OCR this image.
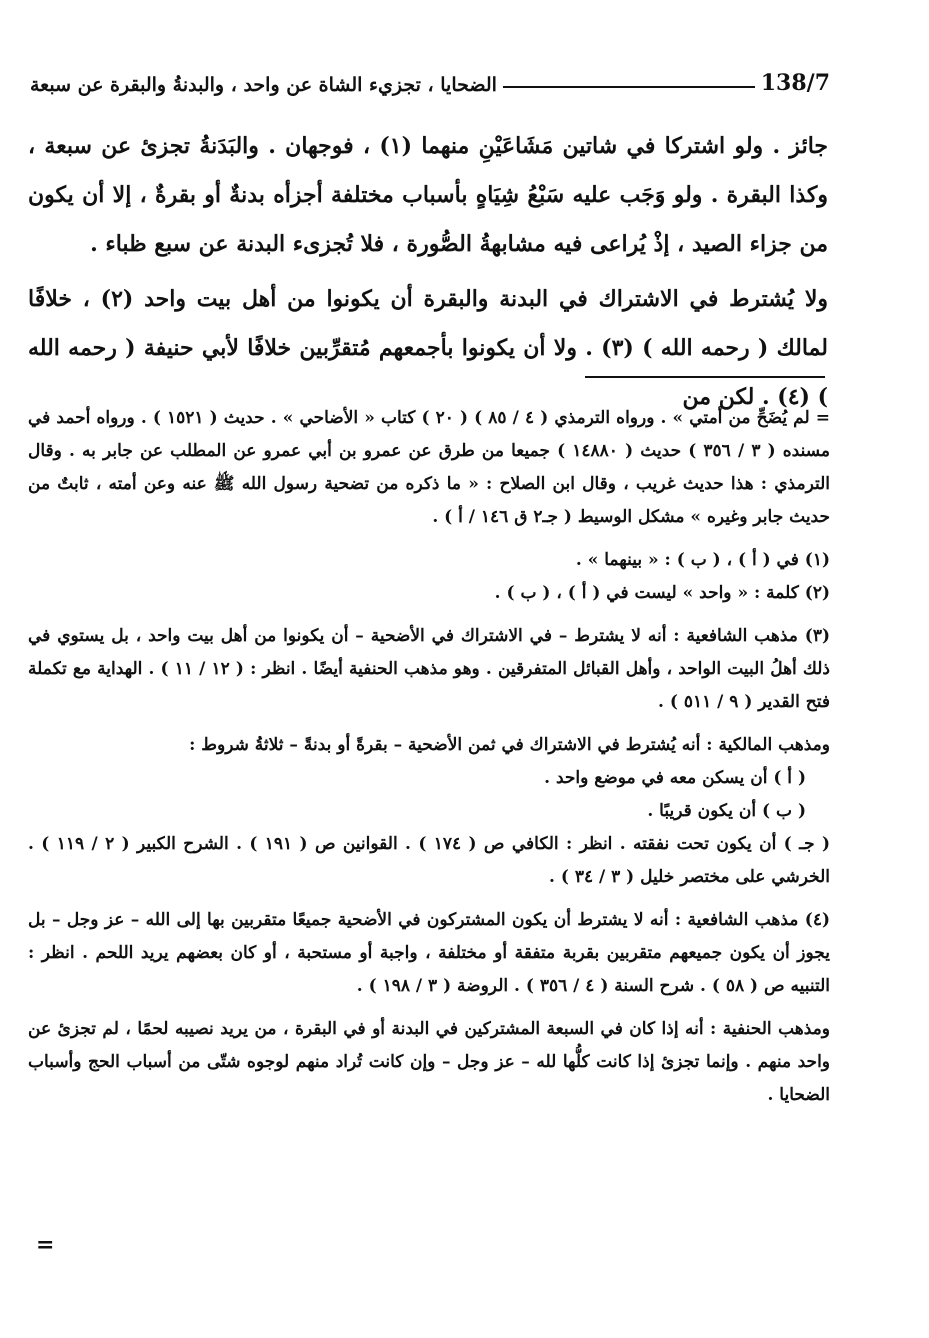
138/7
الضحايا ، تجزيء الشاة عن واحد ، والبدنةُ والبقرة عن سبعة

جائز . ولو اشتركا في شاتين مَشَاعَيْنِ منهما (١) ، فوجهان . والبَدَنةُ تجزئ عن سبعة ، وكذا البقرة . ولو وَجَب عليه سَبْعُ شِيَاهٍ بأسباب مختلفة أجزأه بدنةٌ أو بقرةٌ ، إلا أن يكون من جزاء الصيد ، إذْ يُراعى فيه مشابهةُ الصُّورة ، فلا تُجزىء البدنة عن سبع ظباء .

ولا يُشترط في الاشتراك في البدنة والبقرة أن يكونوا من أهل بيت واحد (٢) ، خلافًا لمالك ( رحمه الله ) (٣) . ولا أن يكونوا بأجمعهم مُتقرِّبين خلافًا لأبي حنيفة ( رحمه الله ) (٤) . لكن من

= لم يُضَحِّ من أمتي » . ورواه الترمذي ( ٤ / ٨٥ ) ( ٢٠ ) كتاب « الأضاحي » . حديث ( ١٥٢١ ) . ورواه أحمد في مسنده ( ٣ / ٣٥٦ ) حديث ( ١٤٨٨٠ ) جميعا من طرق عن عمرو بن أبي عمرو عن المطلب عن جابر به . وقال الترمذي : هذا حديث غريب ، وقال ابن الصلاح : « ما ذكره من تضحية رسول الله ﷺ عنه وعن أمته ، ثابتٌ من حديث جابر وغيره » مشكل الوسيط ( جـ٢ ق ١٤٦ / أ ) .

(١) في ( أ ) ، ( ب ) : « بينهما » .

(٢) كلمة : « واحد » ليست في ( أ ) ، ( ب ) .

(٣) مذهب الشافعية : أنه لا يشترط – في الاشتراك في الأضحية – أن يكونوا من أهل بيت واحد ، بل يستوي في ذلك أهلُ البيت الواحد ، وأهل القبائل المتفرقين . وهو مذهب الحنفية أيضًا . انظر : ( ١٢ / ١١ ) . الهداية مع تكملة فتح القدير ( ٩ / ٥١١ ) .

ومذهب المالكية : أنه يُشترط في الاشتراك في ثمن الأضحية – بقرةً أو بدنةً – ثلاثةُ شروط :

( أ ) أن يسكن معه في موضع واحد .

( ب ) أن يكون قريبًا .

( جـ ) أن يكون تحت نفقته . انظر : الكافي ص ( ١٧٤ ) . القوانين ص ( ١٩١ ) . الشرح الكبير ( ٢ / ١١٩ ) . الخرشي على مختصر خليل ( ٣ / ٣٤ ) .

(٤) مذهب الشافعية : أنه لا يشترط أن يكون المشتركون في الأضحية جميعًا متقربين بها إلى الله – عز وجل – بل يجوز أن يكون جميعهم متقربين بقربة متفقة أو مختلفة ، واجبة أو مستحبة ، أو كان بعضهم يريد اللحم . انظر : التنبيه ص ( ٥٨ ) . شرح السنة ( ٤ / ٣٥٦ ) . الروضة ( ٣ / ١٩٨ ) .

ومذهب الحنفية : أنه إذا كان في السبعة المشتركين في البدنة أو في البقرة ، من يريد نصيبه لحمًا ، لم تجزئ عن واحد منهم . وإنما تجزئ إذا كانت كلُّها لله – عز وجل – وإن كانت تُراد منهم لوجوه شتّى من أسباب الحج وأسباب الضحايا .

=
